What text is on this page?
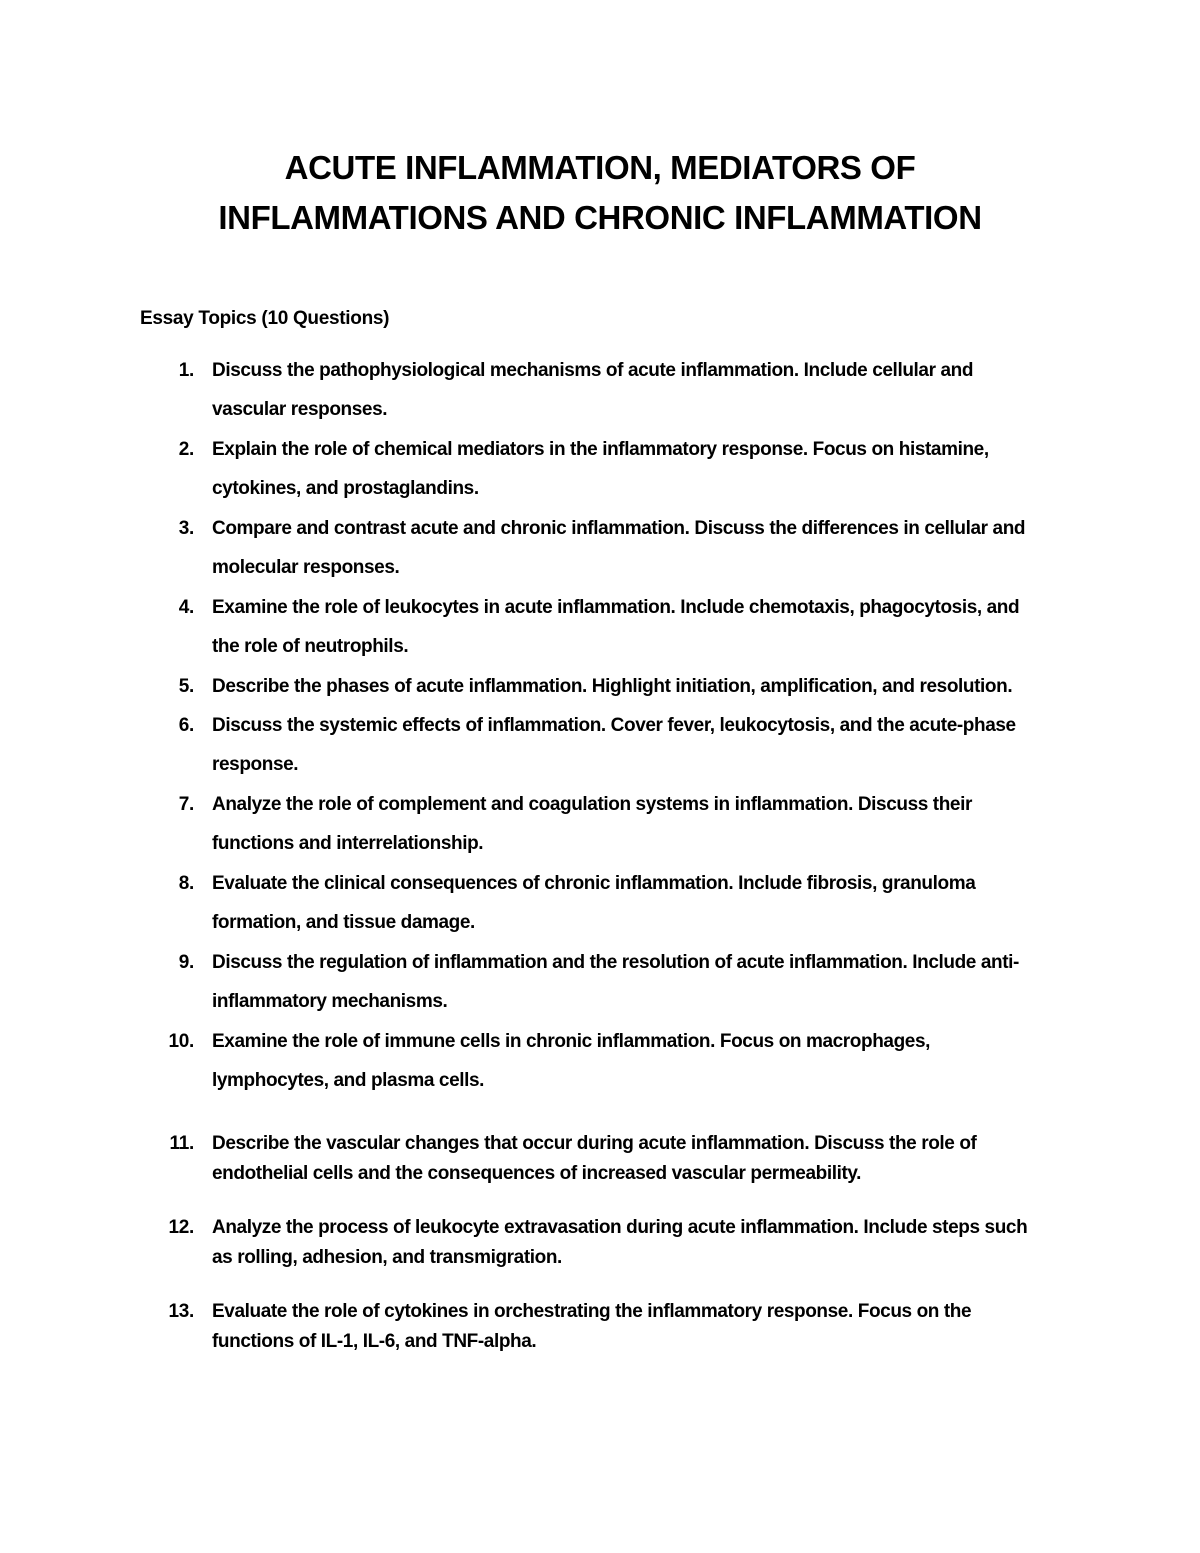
ACUTE INFLAMMATION, MEDIATORS OF
INFLAMMATIONS AND CHRONIC INFLAMMATION

Essay Topics (10 Questions)

1. Discuss the pathophysiological mechanisms of acute inflammation. Include cellular and
vascular responses.
2. Explain the role of chemical mediators in the inflammatory response. Focus on histamine,
cytokines, and prostaglandins.
3. Compare and contrast acute and chronic inflammation. Discuss the differences in cellular and
molecular responses.
4. Examine the role of leukocytes in acute inflammation. Include chemotaxis, phagocytosis, and
the role of neutrophils.
5. Describe the phases of acute inflammation. Highlight initiation, amplification, and resolution.
6. Discuss the systemic effects of inflammation. Cover fever, leukocytosis, and the acute-phase
response.
7. Analyze the role of complement and coagulation systems in inflammation. Discuss their
functions and interrelationship.
8. Evaluate the clinical consequences of chronic inflammation. Include fibrosis, granuloma
formation, and tissue damage.
9. Discuss the regulation of inflammation and the resolution of acute inflammation. Include anti-
inflammatory mechanisms.
10. Examine the role of immune cells in chronic inflammation. Focus on macrophages,
lymphocytes, and plasma cells.
11. Describe the vascular changes that occur during acute inflammation. Discuss the role of
endothelial cells and the consequences of increased vascular permeability.
12. Analyze the process of leukocyte extravasation during acute inflammation. Include steps such
as rolling, adhesion, and transmigration.
13. Evaluate the role of cytokines in orchestrating the inflammatory response. Focus on the
functions of IL-1, IL-6, and TNF-alpha.
